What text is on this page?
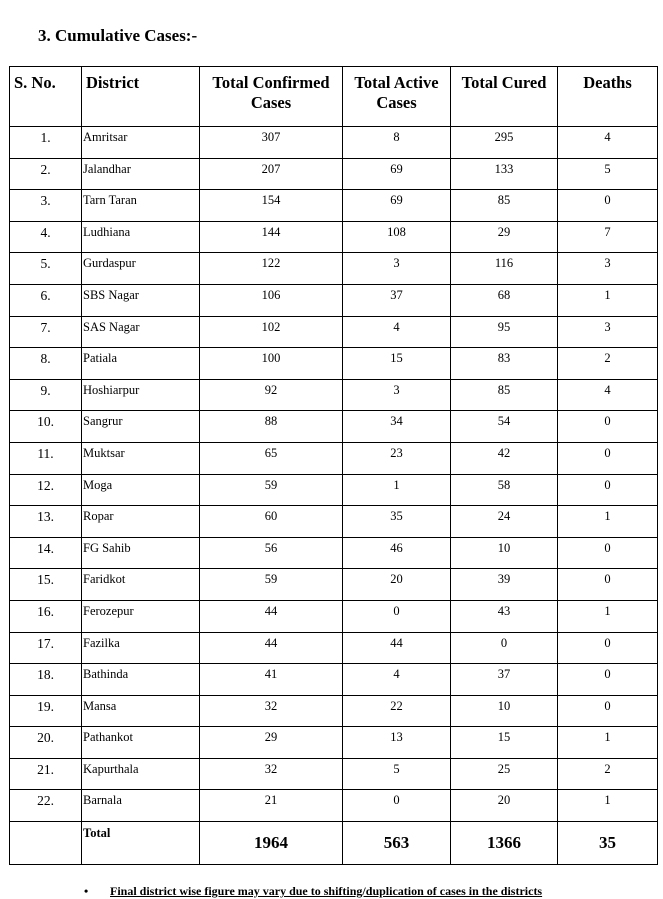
3. Cumulative Cases:-
S. No.	District	Total Confirmed Cases	Total Active Cases	Total Cured	Deaths
1.	Amritsar	307	8	295	4
2.	Jalandhar	207	69	133	5
3.	Tarn Taran	154	69	85	0
4.	Ludhiana	144	108	29	7
5.	Gurdaspur	122	3	116	3
6.	SBS Nagar	106	37	68	1
7.	SAS Nagar	102	4	95	3
8.	Patiala	100	15	83	2
9.	Hoshiarpur	92	3	85	4
10.	Sangrur	88	34	54	0
11.	Muktsar	65	23	42	0
12.	Moga	59	1	58	0
13.	Ropar	60	35	24	1
14.	FG Sahib	56	46	10	0
15.	Faridkot	59	20	39	0
16.	Ferozepur	44	0	43	1
17.	Fazilka	44	44	0	0
18.	Bathinda	41	4	37	0
19.	Mansa	32	22	10	0
20.	Pathankot	29	13	15	1
21.	Kapurthala	32	5	25	2
22.	Barnala	21	0	20	1
	Total	1964	563	1366	35
• Final district wise figure may vary due to shifting/duplication of cases in the districts
